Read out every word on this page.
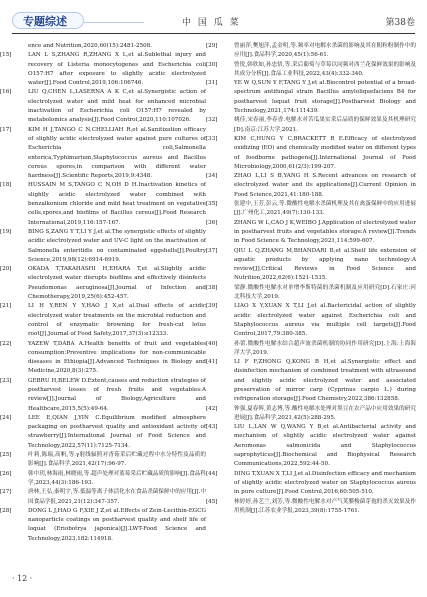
专题综述	中 国 瓜 菜	第38卷

ence and Nutrition,2020,60(15):2481-2508.

[15]	LAN L S,ZHANG R,ZHANG X L,et al.Sublethal injury and recovery of Listeria monocytogenes and Escherichia coli O157:H7 after exposure to slightly acidic electrolyzed water[J].Food Control,2019,106:106746.

[16]	LIU Q,CHEN L,LASERNA A K C,et al.Synergistic action of electrolyzed water and mild heat for enhanced microbial inactivation of Escherichia coli O157:H7 revealed by metabolomics analysis[J].Food Control,2020,110:107026.

[17]	KIM H J,TANGO C N,CHELLIAH R,et al.Sanitization efficacy of slightly acidic electrolyzed water against pure cultures of Escherichia coli,Salmonella enterica,Typhimurium,Staphylococcus aureus and Bacillus cereus spores,in comparison with different water hardness[J].Scientific Reports,2019,9:4348.

[18]	HUSSAIN M S,TANGO C N,OH D H.Inactivation kinetics of slightly acidic electrolyzed water combined with benzalkonium chloride and mild heat treatment on vegetative cells,spores,and biofilms of Bacillus cereus[J].Food Research International,2019,116:157-167.

[19]	BING S,ZANG Y T,LI Y J,et al.The synergistic effects of slightly acidic electrolyzed water and UV-C light on the inactivation of Salmonella enteritidis on contaminated eggshells[J].Poultry Science,2019,98(12):6914-6919.

[20]	OKADA T,TAKAHASHI H,EHARA T,et al.Slightly acidic electrolyzed water disrupts biofilms and effectively disinfects Pseudomonas aeruginosa[J].Journal of Infection and Chemotherapy,2019,25(6):452-457.

[21]	LI H Y,REN Y Y,HAO J X,et al.Dual effects of acidic electrolyzed water treatments on the microbial reduction and control of enzymatic browning for fresh-cut lotus root[J].Journal of Food Safety,2017,37(3):e12333.

[22]	YAZEW T,DABA A.Health benefits of fruit and vegetables consumption:Preventive implications for non-communicable diseases in Ethiopia[J].Advanced Techniques in Biology and Medicine,2020,8(3):275.

[23]	GEBRU H,BELEW D.Extent,causes and reduction strategies of postharvest losses of fresh fruits and vegetables:A review[J].Journal of Biology,Agriculture and Healthcare,2015,5(5):49-64.

[24]	LEE E,QIAN J,YIN C.Equilibrium modified atmosphere packaging on postharvest quality and antioxidant activity of strawberry[J].International Journal of Food Science and Technology,2022,57(11):7125-7134.

[25]	叶莉,陈瑞,高帆,等.γ射线辐照对香菇采后贮藏过程中水分特性及品质的影响[J].食品科学,2021,42(17):96-97.

[26]	韩中玥,林海雨,林晓雨,等.超声处理对蓝莓采后贮藏品质的影响[J].食品科学,2023,44(3):186-193.

[27]	唐林,王弘,秦明宇,等.低温等离子体活化水在食品杀菌保鲜中的应用[J].中国食品学报,2021,21(12):347-357.

[28]	DONG L J,HAO G F,XIE J Z,et al.Effects of Zein-Lecithin-EGCG nanoparticle coatings on postharvest quality and shelf life of loquat (Eriobotrya japonica)[J].LWT-Food Science and Technology,2023,182:114918.

[29]	曾丽萍,樊旭萍,孟金明,等.频率对电解水杀菌的影响及其在粗粒粉制作中的应用[J].食品科学,2020,45(1):56-61.

[30]	曾锐,韩欣如,孙忠悟,等.采后葡萄与草莓以同频对西兰花保鲜效果的影响及其成分分析[J].食品工业科技,2022,43(4):332-340.

[31]	YE W Q,SUN Y F,TANG Y J,et al.Biocontrol potential of a broad-spectrum antifungal strain Bacillus amyloliquefaciens B4 for postharvest loquat fruit storage[J].Postharvest Biology and Technology,2021,174:111439.

[32]	姚佳,宋春丽,李春香.电解水对苦瓜果实采后品质的保鲜效果及其机理研究[D].南京:江苏大学,2021.

[33]	KIM C,HUNG Y C,BRACKETT R E.Efficacy of electrolyzed oxidizing (EO) and chemically modified water on different types of foodborne pathogens[J].International Journal of Food Microbiology,2000,61(2/3):199-207.

[34]	ZHAO L,LI S B,YANG H S.Recent advances on research of electrolyzed water and its applications[J].Current Opinion in Food Science,2021,41:180-188.

[35]	张建中,王芳,彭云,等.微酸性电解水杀菌机理及其在禽蛋保鲜中的应用进展[J].广州化工,2021,49(7):130-133.

[36]	ZHANG W L,CAO J K,WEIBO J.Application of electrolyzed water in postharvest fruits and vegetables storage:A review[J].Trends in Food Science & Technology,2021,114:599-607.

[37]	QIU L Q,ZHANG M,BHANDARI B,et al.Shelf life extension of aquatic products by applying nano technology:A review[J].Critical Reviews in Food Science and Nutrition,2022,62(6):1521-1535.

[38]	梁静.微酸性电解水对单增李斯特菌的杀菌机制及应用研究[D].石家庄:河北科技大学,2019.

[39]	LIAO X Y,XUAN X T,LI J,et al.Bactericidal action of slightly acidic electrolyzed water against Escherichia coli and Staphylococcus aureus via multiple cell targets[J].Food Control,2017,79:380-385.

[40]	孙蕾.微酸性电解水结合超声波杀菌机制的协同作用研究[D].上海:上海海洋大学,2019.

[41]	LI F F,ZHONG Q,KONG B H,et al.Synergistic effect and disinfection mechanism of combined treatment with ultrasound and slightly acidic electrolyzed water and associated preservation of mirror carp (Cyprinus carpio L.) during refrigeration storage[J].Food Chemistry,2022,386:132858.

[42]	钟强,夏春辉,黄志博,等.酸性电解水处理对黑豆在农产品中应用效果的研究进展[J].食品科学,2021,42(5):288-295.

[43]	LIU L,LAN W Q,WANG Y B,et al.Antibacterial activity and mechanism of slightly acidic electrolyzed water against Aeromonas salmonicida and Staphylococcus saprophyticus[J].Biochemical and Biophysical Research Communications,2022,592:44-50.

[44]	DING T,XUAN X T,LI J,et al.Disinfection efficacy and mechanism of slightly acidic electrolyzed water on Staphylococcus aureus in pure culture[J].Food Control,2016,60:505-510.

[45]	林婷婷,孙艺兰,刘芳,等.微酸性电解水对产气荚膜梭菌芽孢的杀灭效果及作用机制[J].江苏农业学报,2023,39(8):1755-1761.

· 12 ·
